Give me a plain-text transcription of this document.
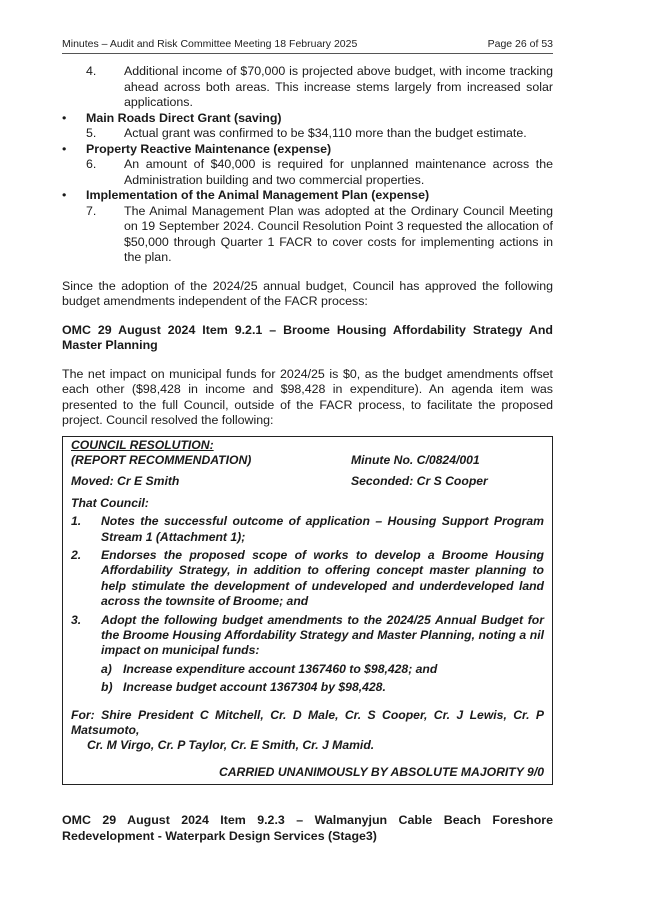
Minutes – Audit and Risk Committee Meeting 18 February 2025	Page 26 of 53
4.	Additional income of $70,000 is projected above budget, with income tracking ahead across both areas. This increase stems largely from increased solar applications.
•	Main Roads Direct Grant (saving)
5.	Actual grant was confirmed to be $34,110 more than the budget estimate.
•	Property Reactive Maintenance (expense)
6.	An amount of $40,000 is required for unplanned maintenance across the Administration building and two commercial properties.
•	Implementation of the Animal Management Plan (expense)
7.	The Animal Management Plan was adopted at the Ordinary Council Meeting on 19 September 2024. Council Resolution Point 3 requested the allocation of $50,000 through Quarter 1 FACR to cover costs for implementing actions in the plan.
Since the adoption of the 2024/25 annual budget, Council has approved the following budget amendments independent of the FACR process:
OMC 29 August 2024 Item 9.2.1 – Broome Housing Affordability Strategy And Master Planning
The net impact on municipal funds for 2024/25 is $0, as the budget amendments offset each other ($98,428 in income and $98,428 in expenditure). An agenda item was presented to the full Council, outside of the FACR process, to facilitate the proposed project. Council resolved the following:
COUNCIL RESOLUTION:
(REPORT RECOMMENDATION)	Minute No. C/0824/001
Moved: Cr E Smith	Seconded: Cr S Cooper
That Council:
1.	Notes the successful outcome of application – Housing Support Program Stream 1 (Attachment 1);
2.	Endorses the proposed scope of works to develop a Broome Housing Affordability Strategy, in addition to offering concept master planning to help stimulate the development of undeveloped and underdeveloped land across the townsite of Broome; and
3.	Adopt the following budget amendments to the 2024/25 Annual Budget for the Broome Housing Affordability Strategy and Master Planning, noting a nil impact on municipal funds:
a) Increase expenditure account 1367460 to $98,428; and
b) Increase budget account 1367304 by $98,428.
For: Shire President C Mitchell, Cr. D Male, Cr. S Cooper, Cr. J Lewis, Cr. P Matsumoto,
Cr. M Virgo, Cr. P Taylor, Cr. E Smith, Cr. J Mamid.
CARRIED UNANIMOUSLY BY ABSOLUTE MAJORITY 9/0
OMC 29 August 2024 Item 9.2.3 – Walmanyjun Cable Beach Foreshore Redevelopment - Waterpark Design Services (Stage3)
